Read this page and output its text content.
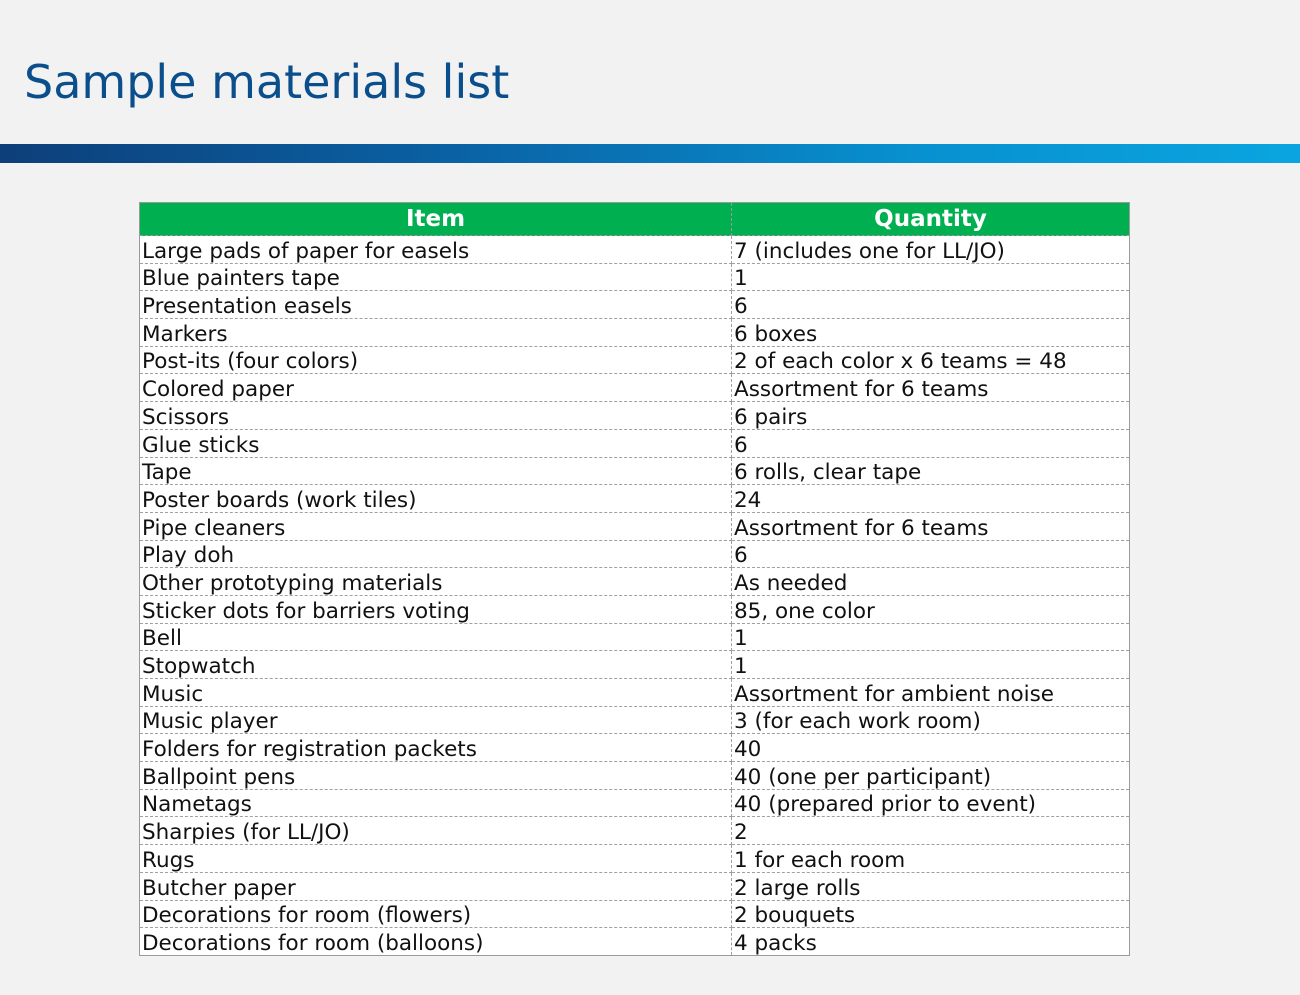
Sample materials list
Item	Quantity
Large pads of paper for easels	7 (includes one for LL/JO)
Blue painters tape	1
Presentation easels	6
Markers	6 boxes
Post-its (four colors)	2 of each color x 6 teams = 48
Colored paper	Assortment for 6 teams
Scissors	6 pairs
Glue sticks	6
Tape	6 rolls, clear tape
Poster boards (work tiles)	24
Pipe cleaners	Assortment for 6 teams
Play doh	6
Other prototyping materials	As needed
Sticker dots for barriers voting	85, one color
Bell	1
Stopwatch	1
Music	Assortment for ambient noise
Music player	3 (for each work room)
Folders for registration packets	40
Ballpoint pens	40 (one per participant)
Nametags	40 (prepared prior to event)
Sharpies (for LL/JO)	2
Rugs	1 for each room
Butcher paper	2 large rolls
Decorations for room (flowers)	2 bouquets
Decorations for room (balloons)	4 packs
